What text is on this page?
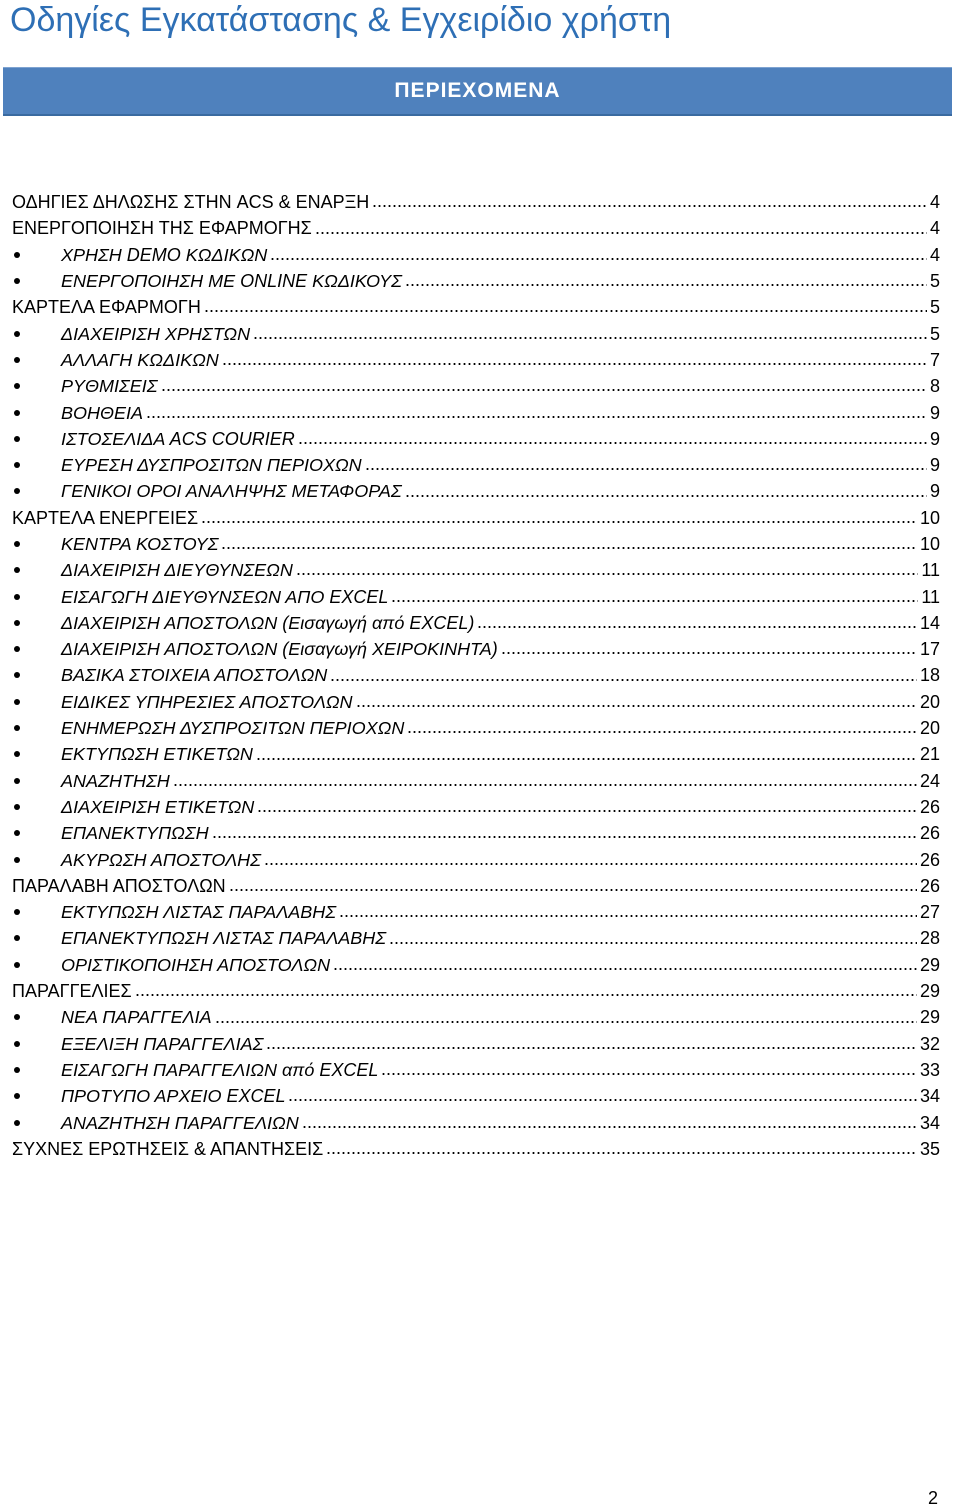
Οδηγίες Εγκατάστασης & Εγχειρίδιο χρήστη
ΠΕΡΙΕΧΟΜΕΝΑ
ΟΔΗΓΙΕΣ ΔΗΛΩΣΗΣ ΣΤΗΝ ACS & ΕΝΑΡΞΗ	4
ΕΝΕΡΓΟΠΟΙΗΣΗ ΤΗΣ ΕΦΑΡΜΟΓΗΣ	4
ΧΡΗΣΗ DEMO ΚΩΔΙΚΩΝ	4
ΕΝΕΡΓΟΠΟΙΗΣΗ ΜΕ ONLINE ΚΩΔΙΚΟΥΣ	5
ΚΑΡΤΕΛΑ ΕΦΑΡΜΟΓΗ	5
ΔΙΑΧΕΙΡΙΣΗ ΧΡΗΣΤΩΝ	5
ΑΛΛΑΓΗ ΚΩΔΙΚΩΝ	7
ΡΥΘΜΙΣΕΙΣ	8
ΒΟΗΘΕΙΑ	9
ΙΣΤΟΣΕΛΙΔΑ ACS COURIER	9
ΕΥΡΕΣΗ ΔΥΣΠΡΟΣΙΤΩΝ ΠΕΡΙΟΧΩΝ	9
ΓΕΝΙΚΟΙ ΟΡΟΙ ΑΝΑΛΗΨΗΣ ΜΕΤΑΦΟΡΑΣ	9
ΚΑΡΤΕΛΑ ΕΝΕΡΓΕΙΕΣ	10
ΚΕΝΤΡΑ ΚΟΣΤΟΥΣ	10
ΔΙΑΧΕΙΡΙΣΗ ΔΙΕΥΘΥΝΣΕΩΝ	11
ΕΙΣΑΓΩΓΗ ΔΙΕΥΘΥΝΣΕΩΝ ΑΠΟ EXCEL	11
ΔΙΑΧΕΙΡΙΣΗ ΑΠΟΣΤΟΛΩΝ (Εισαγωγή από EXCEL)	14
ΔΙΑΧΕΙΡΙΣΗ ΑΠΟΣΤΟΛΩΝ (Εισαγωγή ΧΕΙΡΟΚΙΝΗΤΑ)	17
ΒΑΣΙΚΑ ΣΤΟΙΧΕΙΑ ΑΠΟΣΤΟΛΩΝ	18
ΕΙΔΙΚΕΣ ΥΠΗΡΕΣΙΕΣ ΑΠΟΣΤΟΛΩΝ	20
ΕΝΗΜΕΡΩΣΗ ΔΥΣΠΡΟΣΙΤΩΝ ΠΕΡΙΟΧΩΝ	20
ΕΚΤΥΠΩΣΗ ΕΤΙΚΕΤΩΝ	21
ΑΝΑΖΗΤΗΣΗ	24
ΔΙΑΧΕΙΡΙΣΗ ΕΤΙΚΕΤΩΝ	26
ΕΠΑΝΕΚΤΥΠΩΣΗ	26
ΑΚΥΡΩΣΗ ΑΠΟΣΤΟΛΗΣ	26
ΠΑΡΑΛΑΒΗ ΑΠΟΣΤΟΛΩΝ	26
ΕΚΤΥΠΩΣΗ ΛΙΣΤΑΣ ΠΑΡΑΛΑΒΗΣ	27
ΕΠΑΝΕΚΤΥΠΩΣΗ ΛΙΣΤΑΣ ΠΑΡΑΛΑΒΗΣ	28
ΟΡΙΣΤΙΚΟΠΟΙΗΣΗ ΑΠΟΣΤΟΛΩΝ	29
ΠΑΡΑΓΓΕΛΙΕΣ	29
ΝΕΑ ΠΑΡΑΓΓΕΛΙΑ	29
ΕΞΕΛΙΞΗ ΠΑΡΑΓΓΕΛΙΑΣ	32
ΕΙΣΑΓΩΓΗ ΠΑΡΑΓΓΕΛΙΩΝ από EXCEL	33
ΠΡΟΤΥΠΟ ΑΡΧΕΙΟ EXCEL	34
ΑΝΑΖΗΤΗΣΗ ΠΑΡΑΓΓΕΛΙΩΝ	34
ΣΥΧΝΕΣ ΕΡΩΤΗΣΕΙΣ & ΑΠΑΝΤΗΣΕΙΣ	35
2
